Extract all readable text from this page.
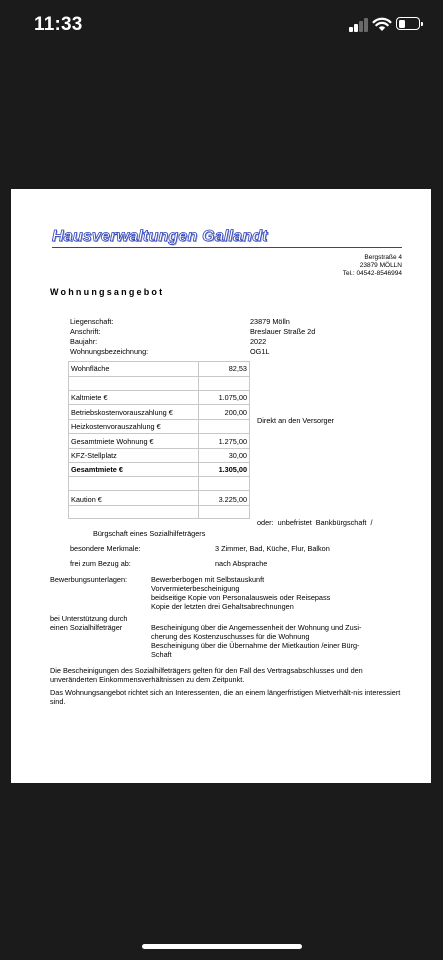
11:33
Hausverwaltungen Gallandt
Bergstraße 4
23879 MÖLLN
Tel.: 04542-8546994
Wohnungsangebot
Liegenschaft:	23879 Mölln
Anschrift:	Breslauer Straße 2d
Baujahr:	2022
Wohnungsbezeichnung:	OG1L
Wohnfläche	82,53
Kaltmiete €	1.075,00
Betriebskostenvorauszahlung €	200,00
Heizkostenvorauszahlung €
Gesamtmiete Wohnung €	1.275,00
KFZ-Stellplatz	30,00
Gesamtmiete €	1.305,00
Kaution €	3.225,00
Direkt an den Versorger
oder: unbefristet Bankbürgschaft /
Bürgschaft eines Sozialhilfeträgers
besondere Merkmale:	3 Zimmer, Bad, Küche, Flur, Balkon
frei zum Bezug ab:	nach Absprache
Bewerbungsunterlagen:	Bewerberbogen mit Selbstauskunft
Vorvermieterbescheinigung
beidseitige Kopie von Personalausweis oder Reisepass
Kopie der letzten drei Gehaltsabrechnungen
bei Unterstützung durch
einen Sozialhilfeträger	Bescheinigung über die Angemessenheit der Wohnung und Zusi-
cherung des Kostenzuschusses für die Wohnung
Bescheinigung über die Übernahme der Mietkaution /einer Bürg-
Schaft
Die Bescheinigungen des Sozialhilfeträgers gelten für den Fall des Vertragsabschlusses und den unveränderten Einkommensverhältnissen zu dem Zeitpunkt.
Das Wohnungsangebot richtet sich an Interessenten, die an einem längerfristigen Mietverhält-nis interessiert sind.
